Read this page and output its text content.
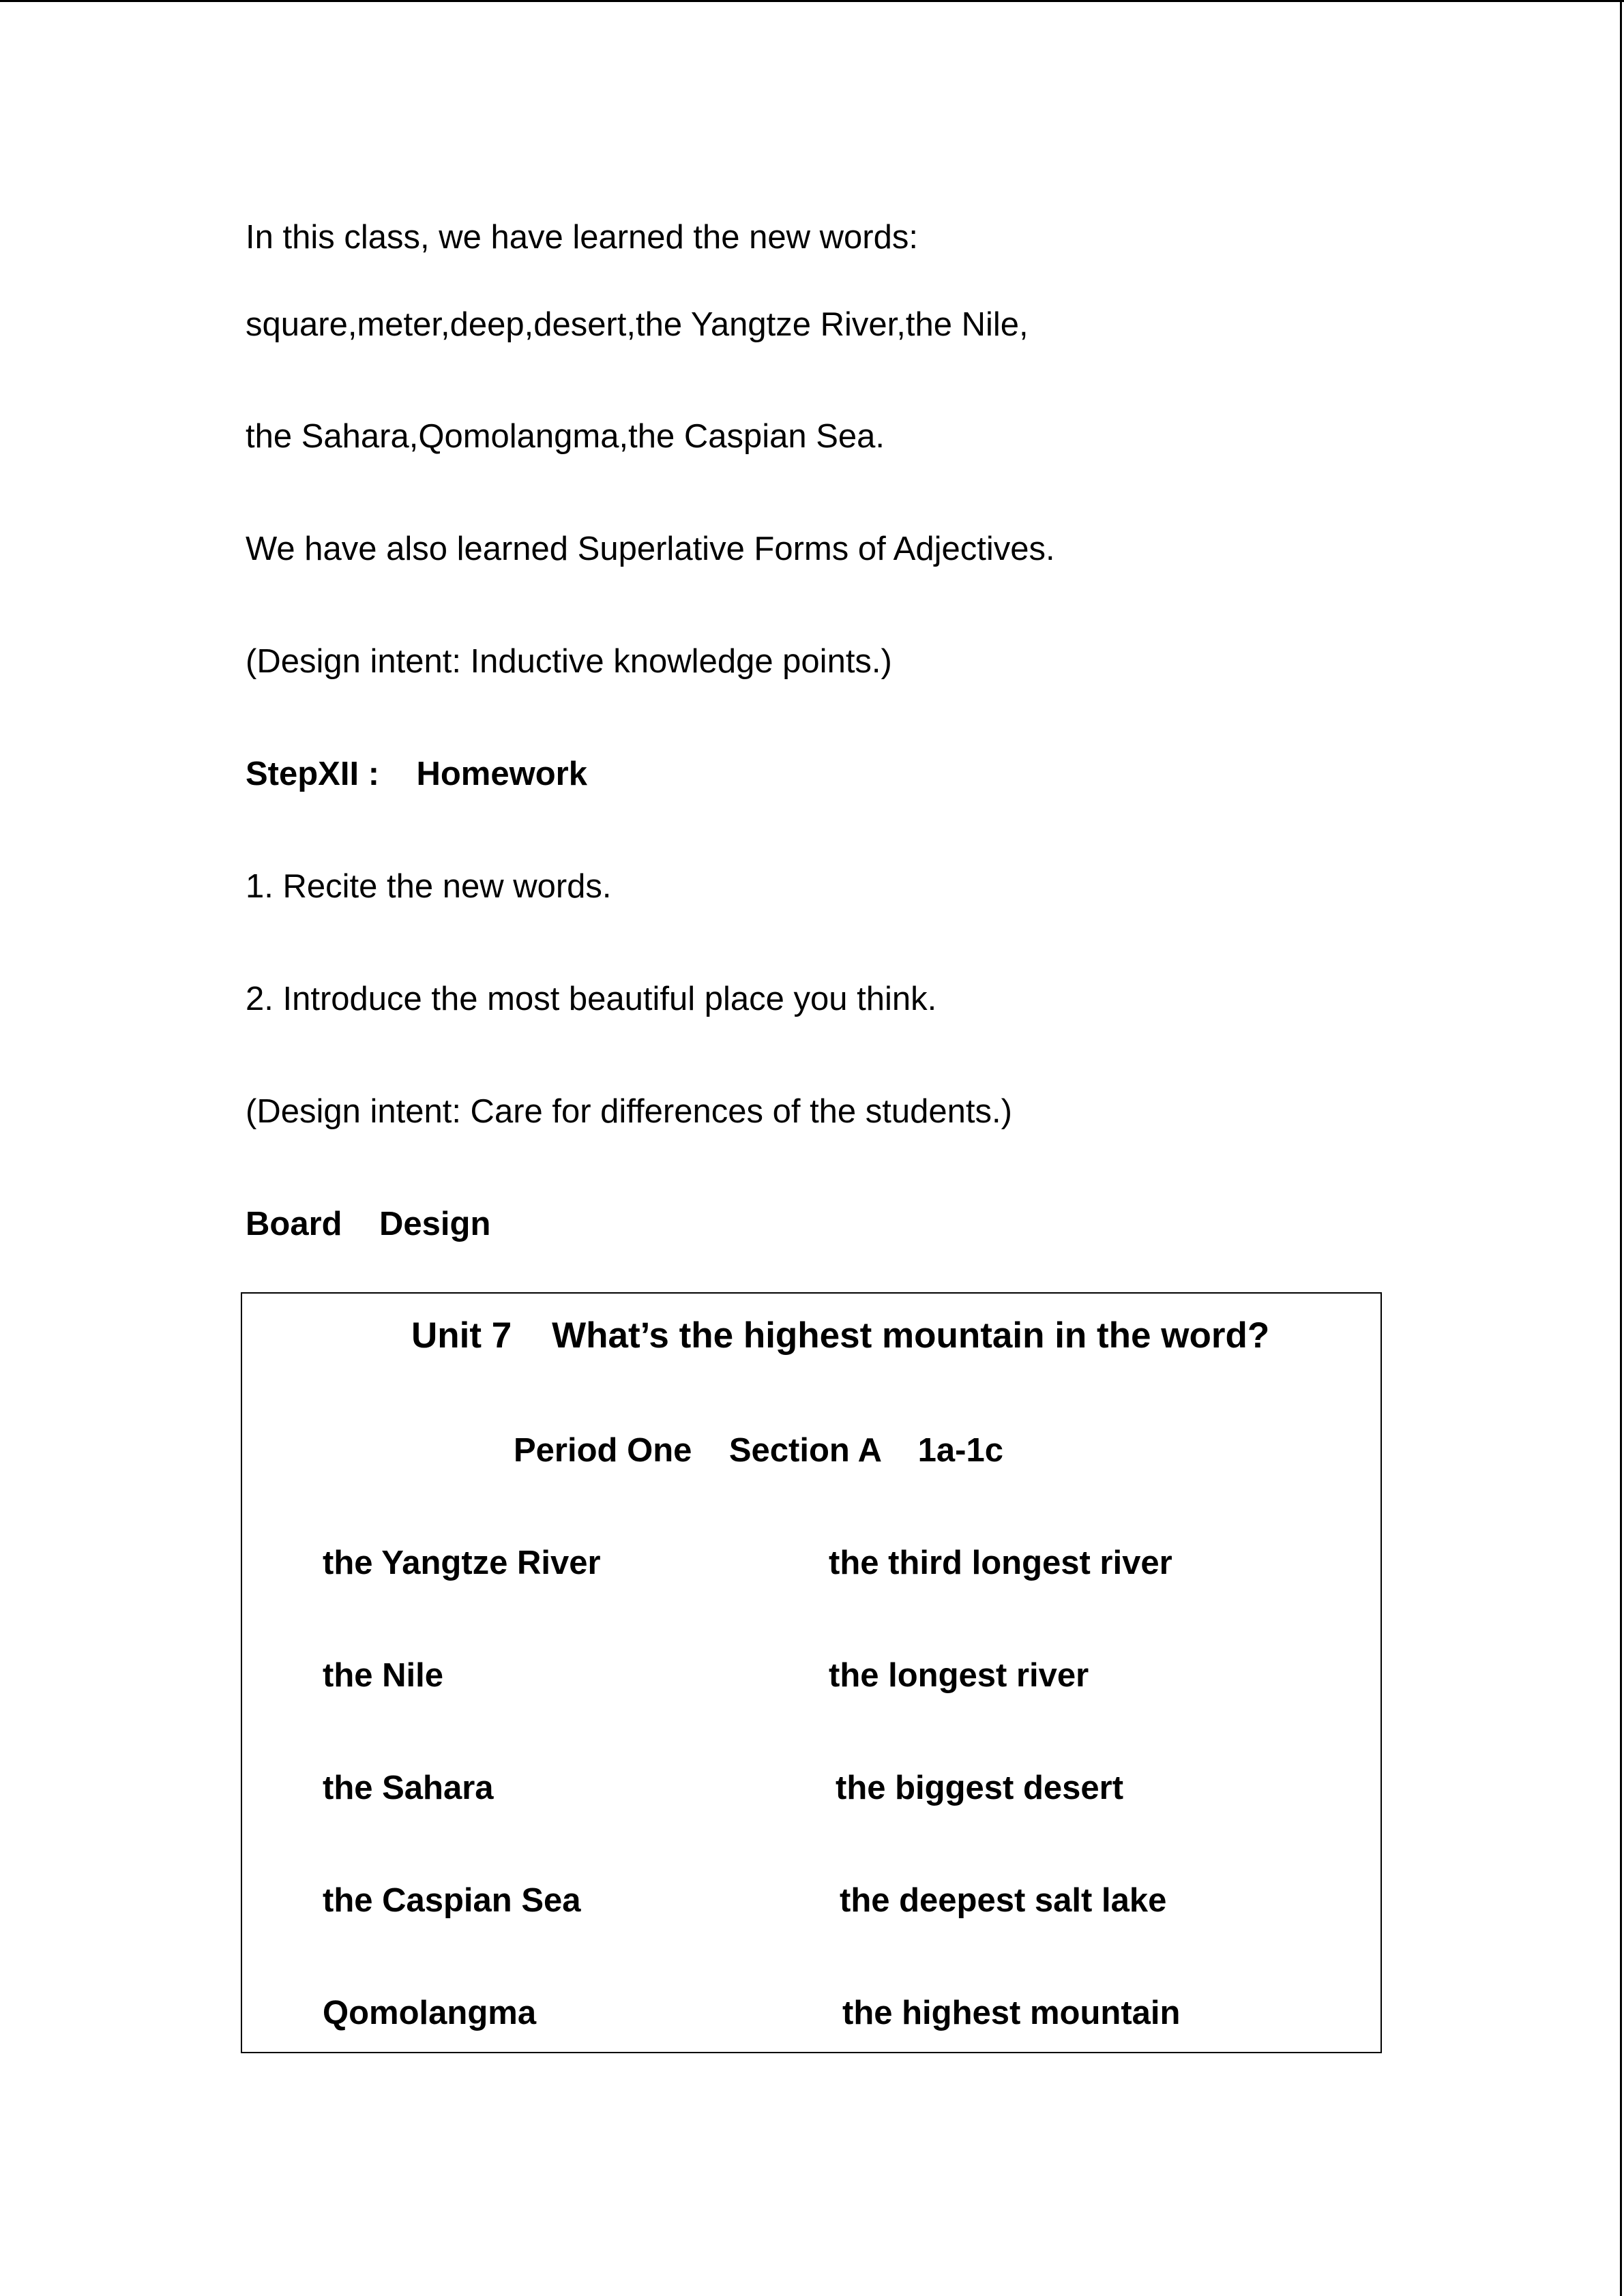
In this class, we have learned the new words:
square,meter,deep,desert,the Yangtze River,the Nile,
the Sahara,Qomolangma,the Caspian Sea.
We have also learned Superlative Forms of Adjectives.
(Design intent: Inductive knowledge points.)
StepXII :    Homework
1. Recite the new words.
2. Introduce the most beautiful place you think.
(Design intent: Care for differences of the students.)
Board    Design
Unit 7    What’s the highest mountain in the word?
Period One    Section A    1a-1c
the Yangtze River	the third longest river
the Nile	the longest river
the Sahara	the biggest desert
the Caspian Sea	the deepest salt lake
Qomolangma	the highest mountain
